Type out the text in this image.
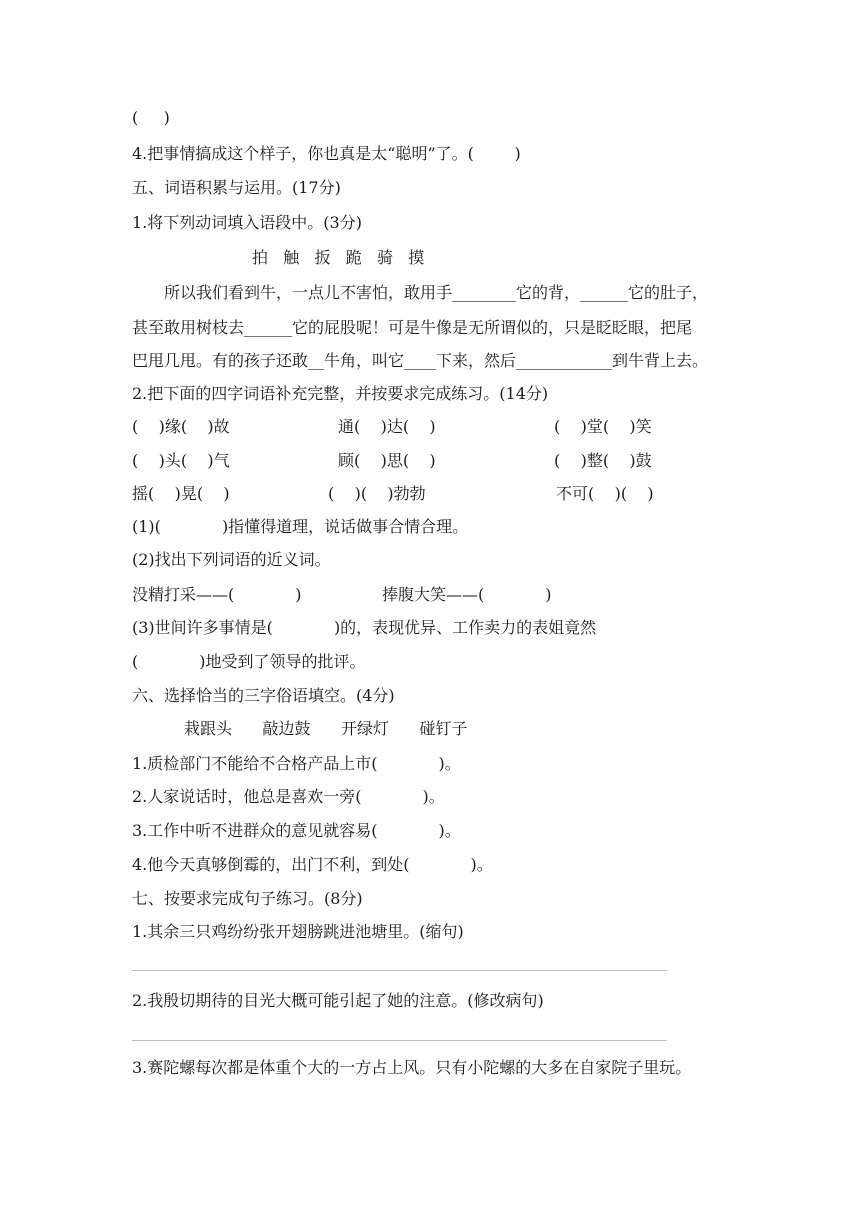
(     )
4.把事情搞成这个样子，你也真是太“聪明”了。(        )
五、词语积累与运用。(17分)
1.将下列动词填入语段中。(3分)
拍   触   扳   跪   骑   摸
所以我们看到牛，一点儿不害怕，敢用手________它的背，______它的肚子，
甚至敢用树枝去______它的屁股呢！可是牛像是无所谓似的，只是眨眨眼，把尾
巴甩几甩。有的孩子还敢__牛角，叫它____下来，然后____________到牛背上去。
2.把下面的四字词语补充完整，并按要求完成练习。(14分)
(    )缘(    )故	通(    )达(    )	(    )堂(    )笑
(    )头(    )气	顾(    )思(    )	(    )整(    )鼓
摇(    )晃(    )	(    )(    )勃勃	不可(    )(    )
(1)(            )指懂得道理，说话做事合情合理。
(2)找出下列词语的近义词。
没精打采——(            )	捧腹大笑——(            )
(3)世间许多事情是(            )的，表现优异、工作卖力的表姐竟然
(            )地受到了领导的批评。
六、选择恰当的三字俗语填空。(4分)
栽跟头      敲边鼓      开绿灯      碰钉子
1.质检部门不能给不合格产品上市(            )。
2.人家说话时，他总是喜欢一旁(            )。
3.工作中听不进群众的意见就容易(            )。
4.他今天真够倒霉的，出门不利，到处(            )。
七、按要求完成句子练习。(8分)
1.其余三只鸡纷纷张开翅膀跳进池塘里。(缩句)
2.我殷切期待的目光大概可能引起了她的注意。(修改病句)
3.赛陀螺每次都是体重个大的一方占上风。只有小陀螺的大多在自家院子里玩。
